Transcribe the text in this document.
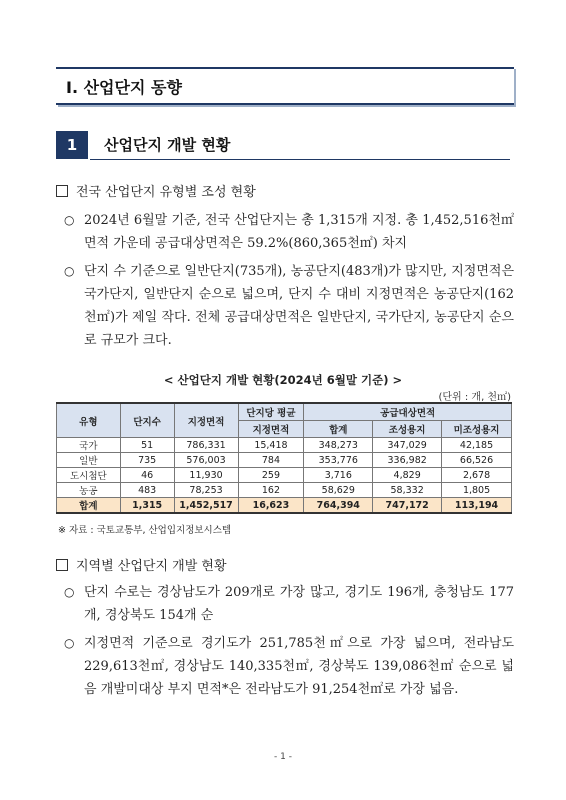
Ⅰ. 산업단지 동향
1	산업단지 개발 현황
전국 산업단지 유형별 조성 현황
○ 2024년 6월말 기준, 전국 산업단지는 총 1,315개 지정. 총 1,452,516천㎡ 면적 가운데 공급대상면적은 59.2%(860,365천㎡) 차지
○ 단지 수 기준으로 일반단지(735개), 농공단지(483개)가 많지만, 지정면적은 국가단지, 일반단지 순으로 넓으며, 단지 수 대비 지정면적은 농공단지(162천㎡)가 제일 작다. 전체 공급대상면적은 일반단지, 국가단지, 농공단지 순으로 규모가 크다.
< 산업단지 개발 현황(2024년 6월말 기준) >
(단위 : 개, 천㎡)
유형	단지수	지정면적	단지당 평균	공급대상면적		
			지정면적	합계	조성용지	미조성용지
국가	51	786,331	15,418	348,273	347,029	42,185
일반	735	576,003	784	353,776	336,982	66,526
도시첨단	46	11,930	259	3,716	4,829	2,678
농공	483	78,253	162	58,629	58,332	1,805
합계	1,315	1,452,517	16,623	764,394	747,172	113,194
※ 자료 : 국토교통부, 산업입지정보시스템
지역별 산업단지 개발 현황
○ 단지 수로는 경상남도가 209개로 가장 많고, 경기도 196개, 충청남도 177개, 경상북도 154개 순
○ 지정면적 기준으로 경기도가 251,785천㎡으로 가장 넓으며, 전라남도 229,613천㎡, 경상남도 140,335천㎡, 경상북도 139,086천㎡ 순으로 넓음 개발미대상 부지 면적*은 전라남도가 91,254천㎡로 가장 넓음.
- 1 -
